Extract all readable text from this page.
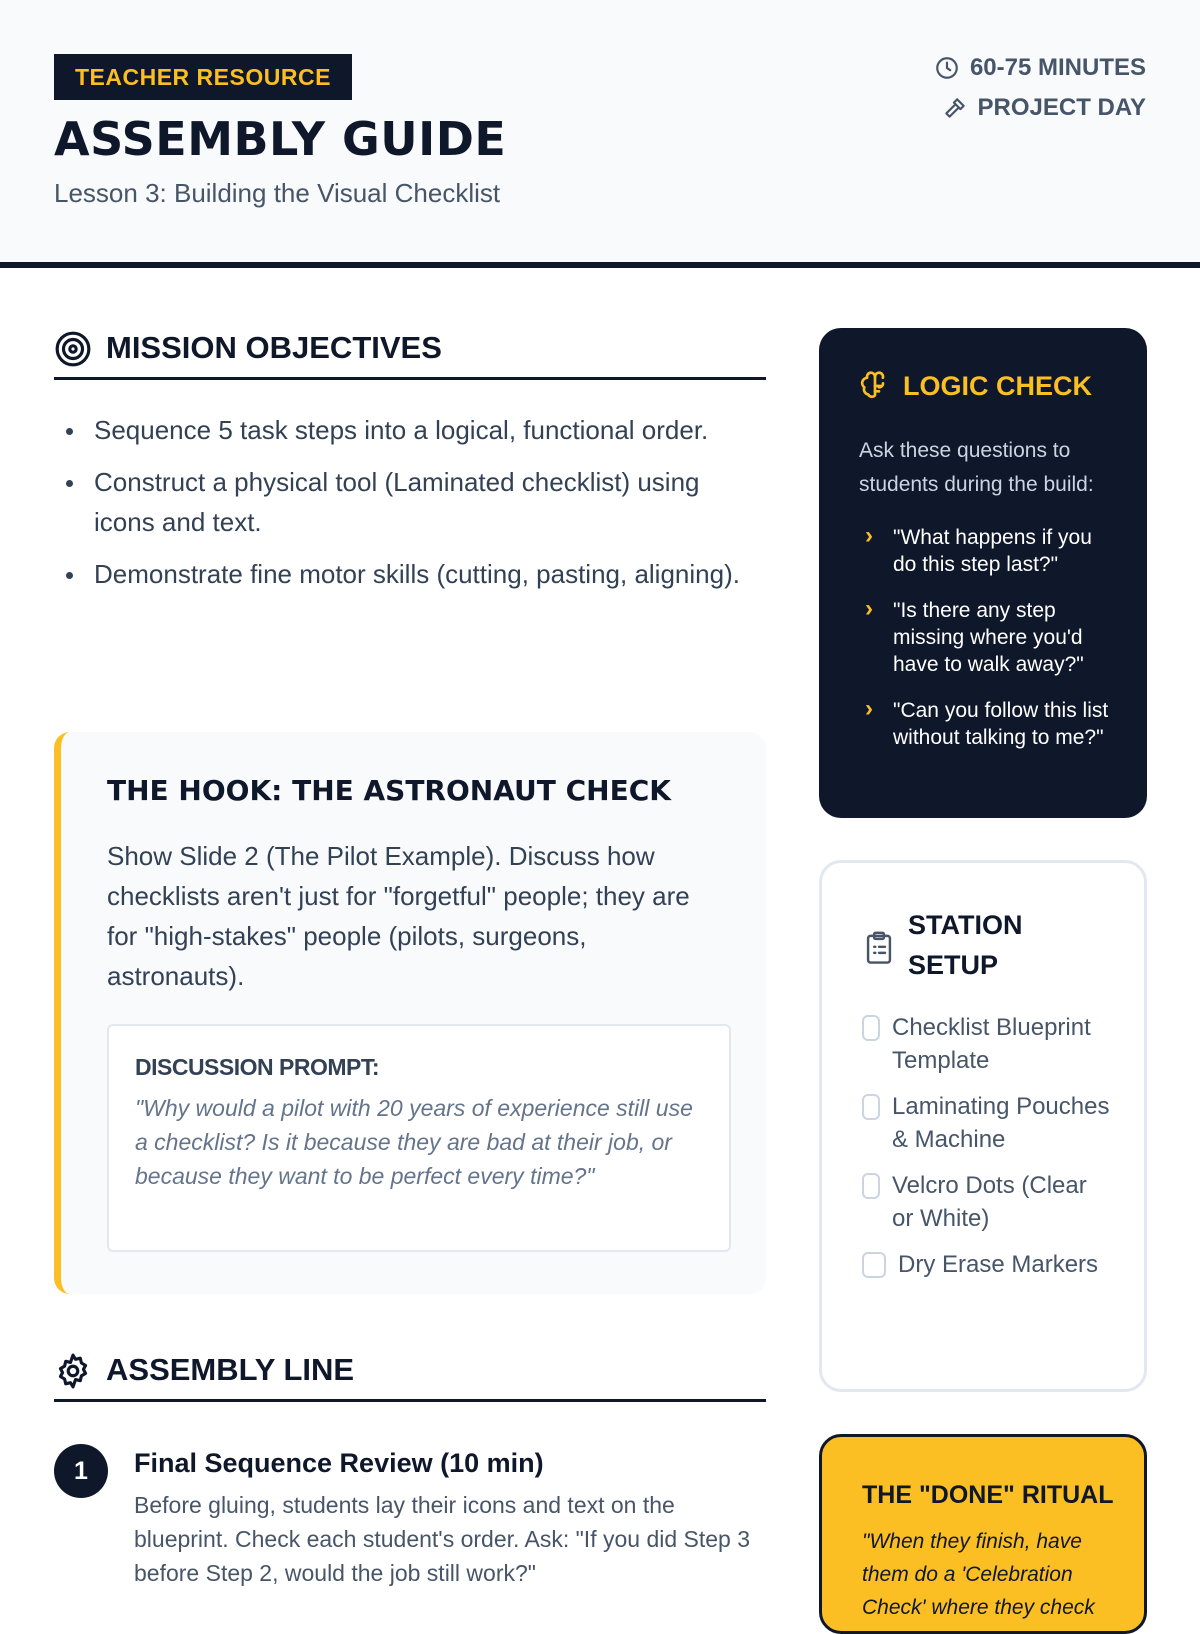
TEACHER RESOURCE
ASSEMBLY GUIDE
Lesson 3: Building the Visual Checklist
60-75 MINUTES
PROJECT DAY
MISSION OBJECTIVES
Sequence 5 task steps into a logical, functional order.
Construct a physical tool (Laminated checklist) using icons and text.
Demonstrate fine motor skills (cutting, pasting, aligning).
THE HOOK: THE ASTRONAUT CHECK

Show Slide 2 (The Pilot Example). Discuss how checklists aren't just for "forgetful" people; they are for "high-stakes" people (pilots, surgeons, astronauts).

DISCUSSION PROMPT:
"Why would a pilot with 20 years of experience still use a checklist? Is it because they are bad at their job, or because they want to be perfect every time?"
ASSEMBLY LINE
1	Final Sequence Review (10 min)

Before gluing, students lay their icons and text on the blueprint. Check each student's order. Ask: "If you did Step 3 before Step 2, would the job still work?"

LOGIC CHECK

Ask these questions to students during the build:

› "What happens if you do this step last?"
› "Is there any step missing where you'd have to walk away?"
› "Can you follow this list without talking to me?"
STATION SETUP
Checklist Blueprint Template
Laminating Pouches & Machine
Velcro Dots (Clear or White)
Dry Erase Markers
THE "DONE" RITUAL

"When they finish, have them do a 'Celebration Check' where they check
